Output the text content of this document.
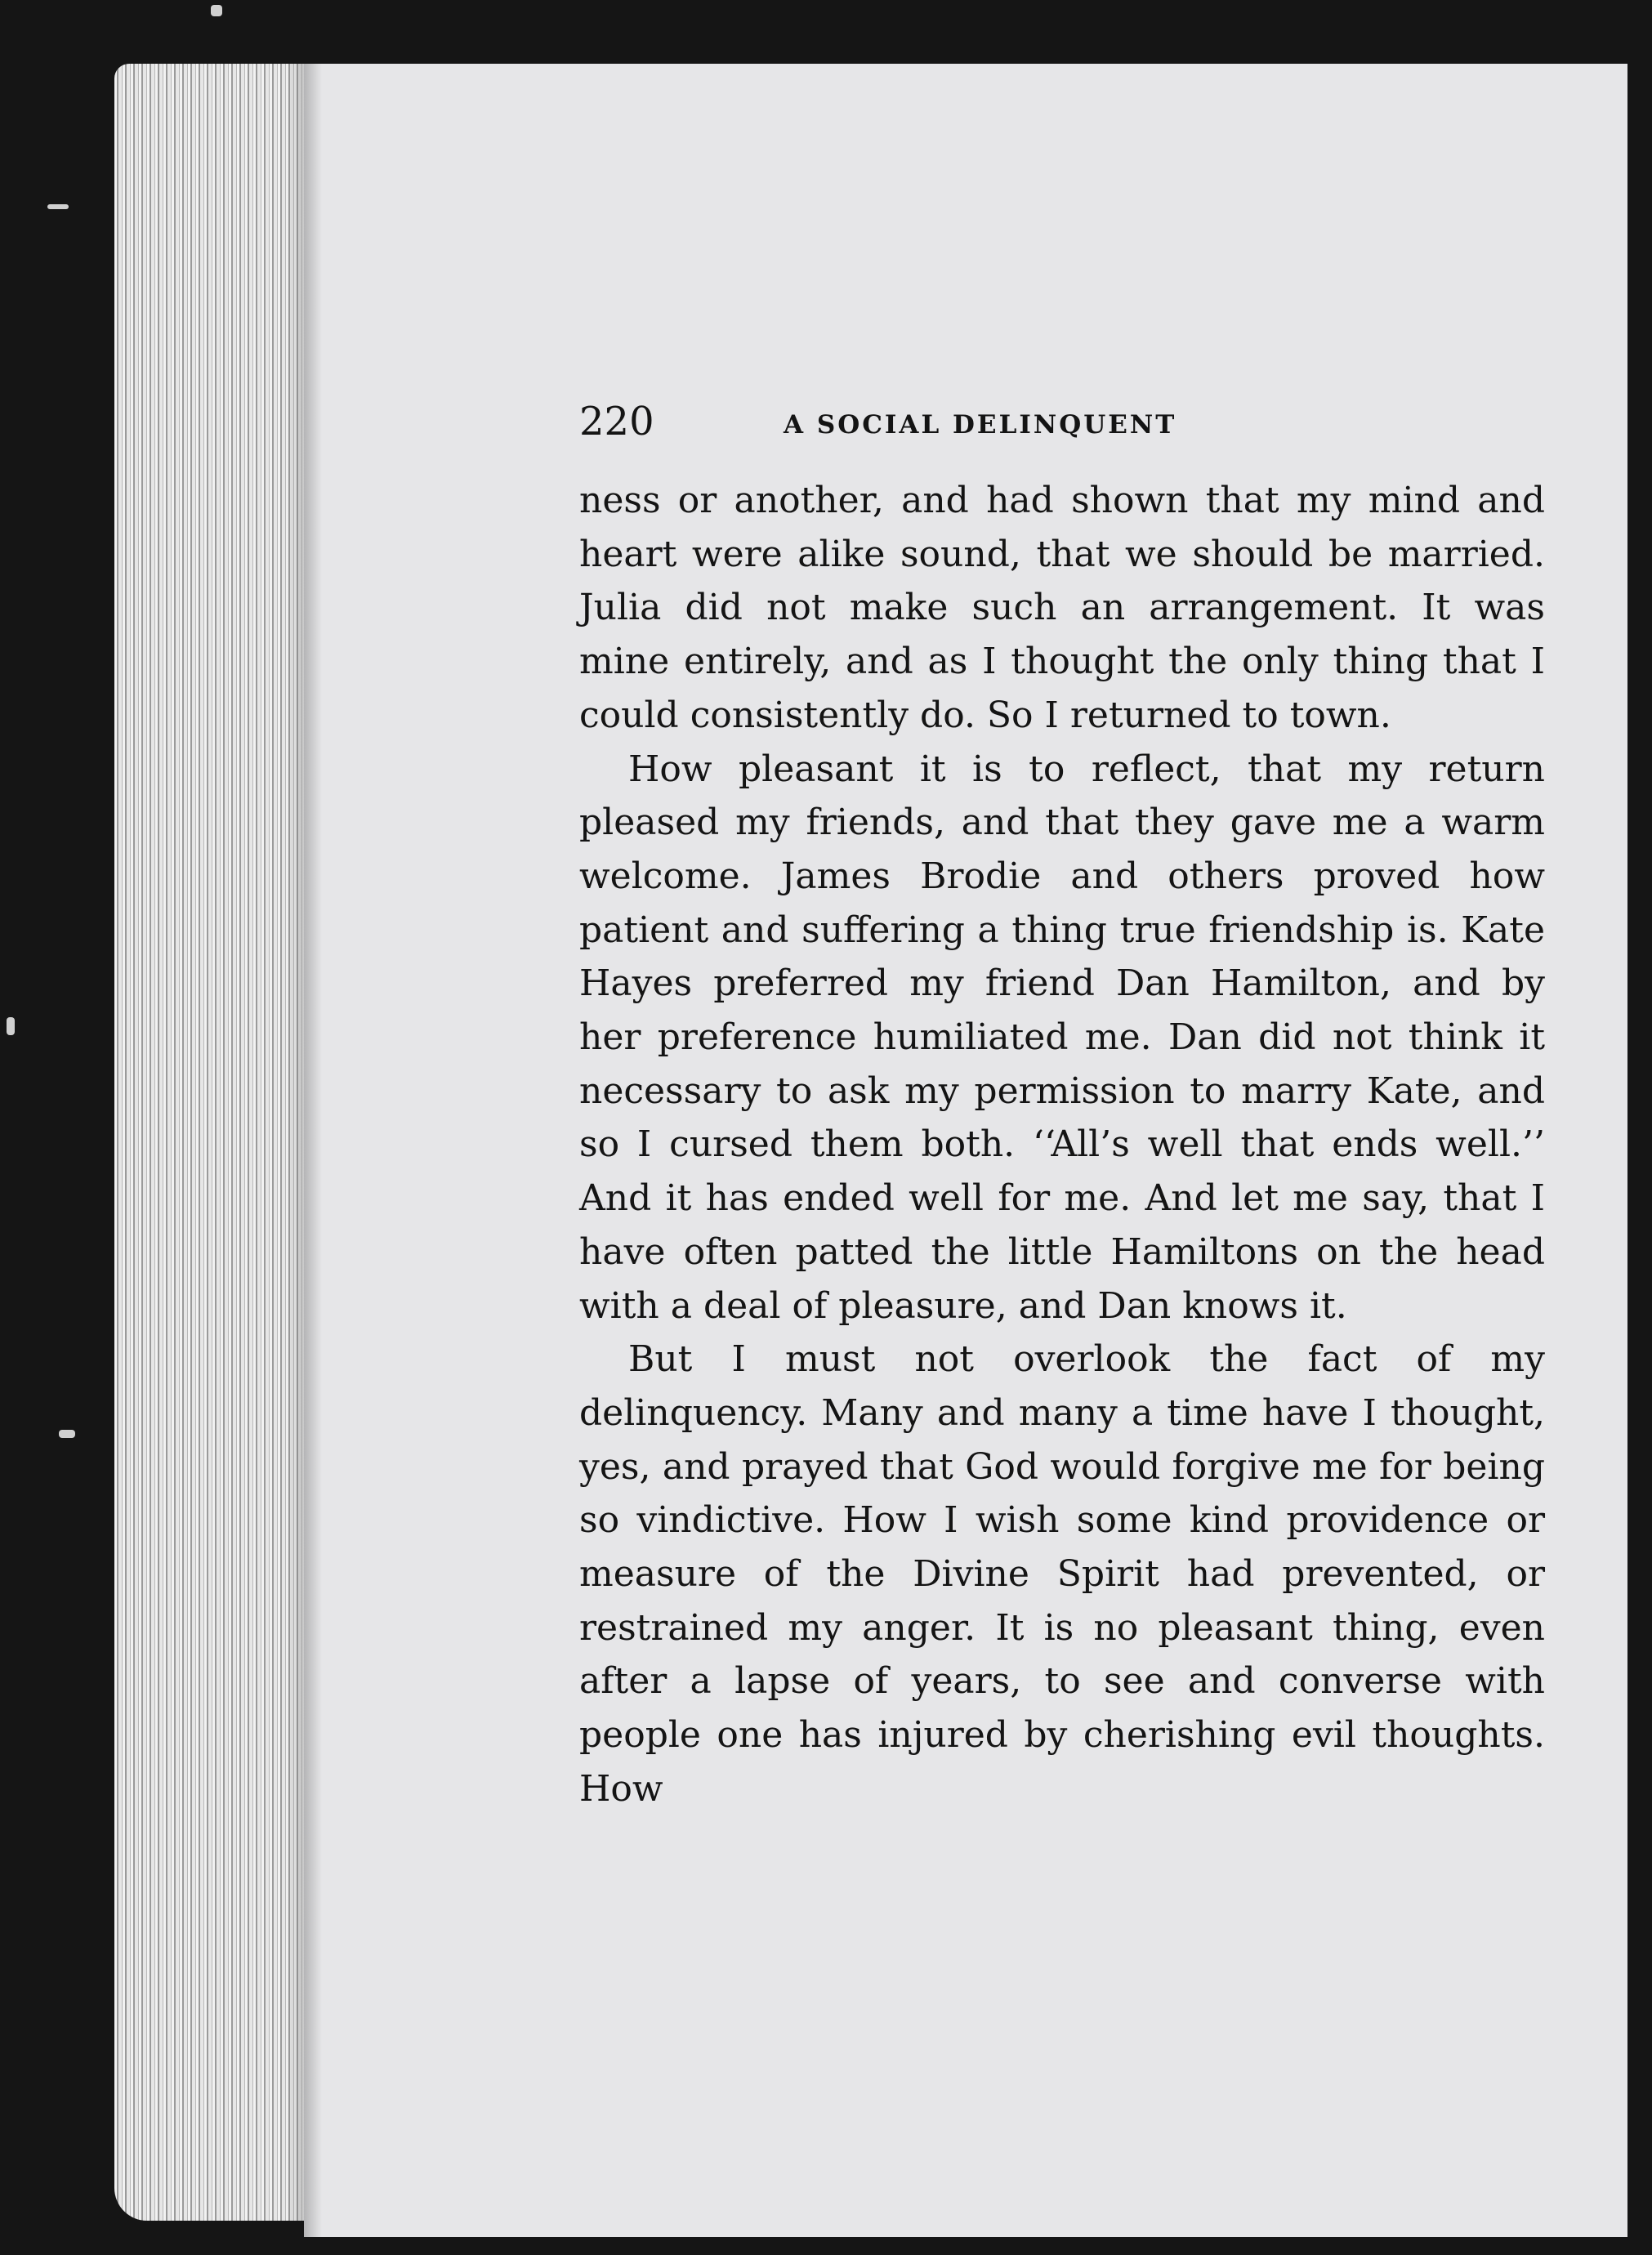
220	A SOCIAL DELINQUENT

ness or another, and had shown that my mind and heart were alike sound, that we should be married. Julia did not make such an arrangement. It was mine entirely, and as I thought the only thing that I could consistently do. So I returned to town.

How pleasant it is to reflect, that my return pleased my friends, and that they gave me a warm welcome. James Brodie and others proved how patient and suffering a thing true friendship is. Kate Hayes preferred my friend Dan Hamilton, and by her preference humiliated me. Dan did not think it necessary to ask my permission to marry Kate, and so I cursed them both. ‘‘All’s well that ends well.’’ And it has ended well for me. And let me say, that I have often patted the little Hamiltons on the head with a deal of pleasure, and Dan knows it.

But I must not overlook the fact of my delinquency. Many and many a time have I thought, yes, and prayed that God would forgive me for being so vindictive. How I wish some kind providence or measure of the Divine Spirit had prevented, or restrained my anger. It is no pleasant thing, even after a lapse of years, to see and converse with people one has injured by cherishing evil thoughts. How
